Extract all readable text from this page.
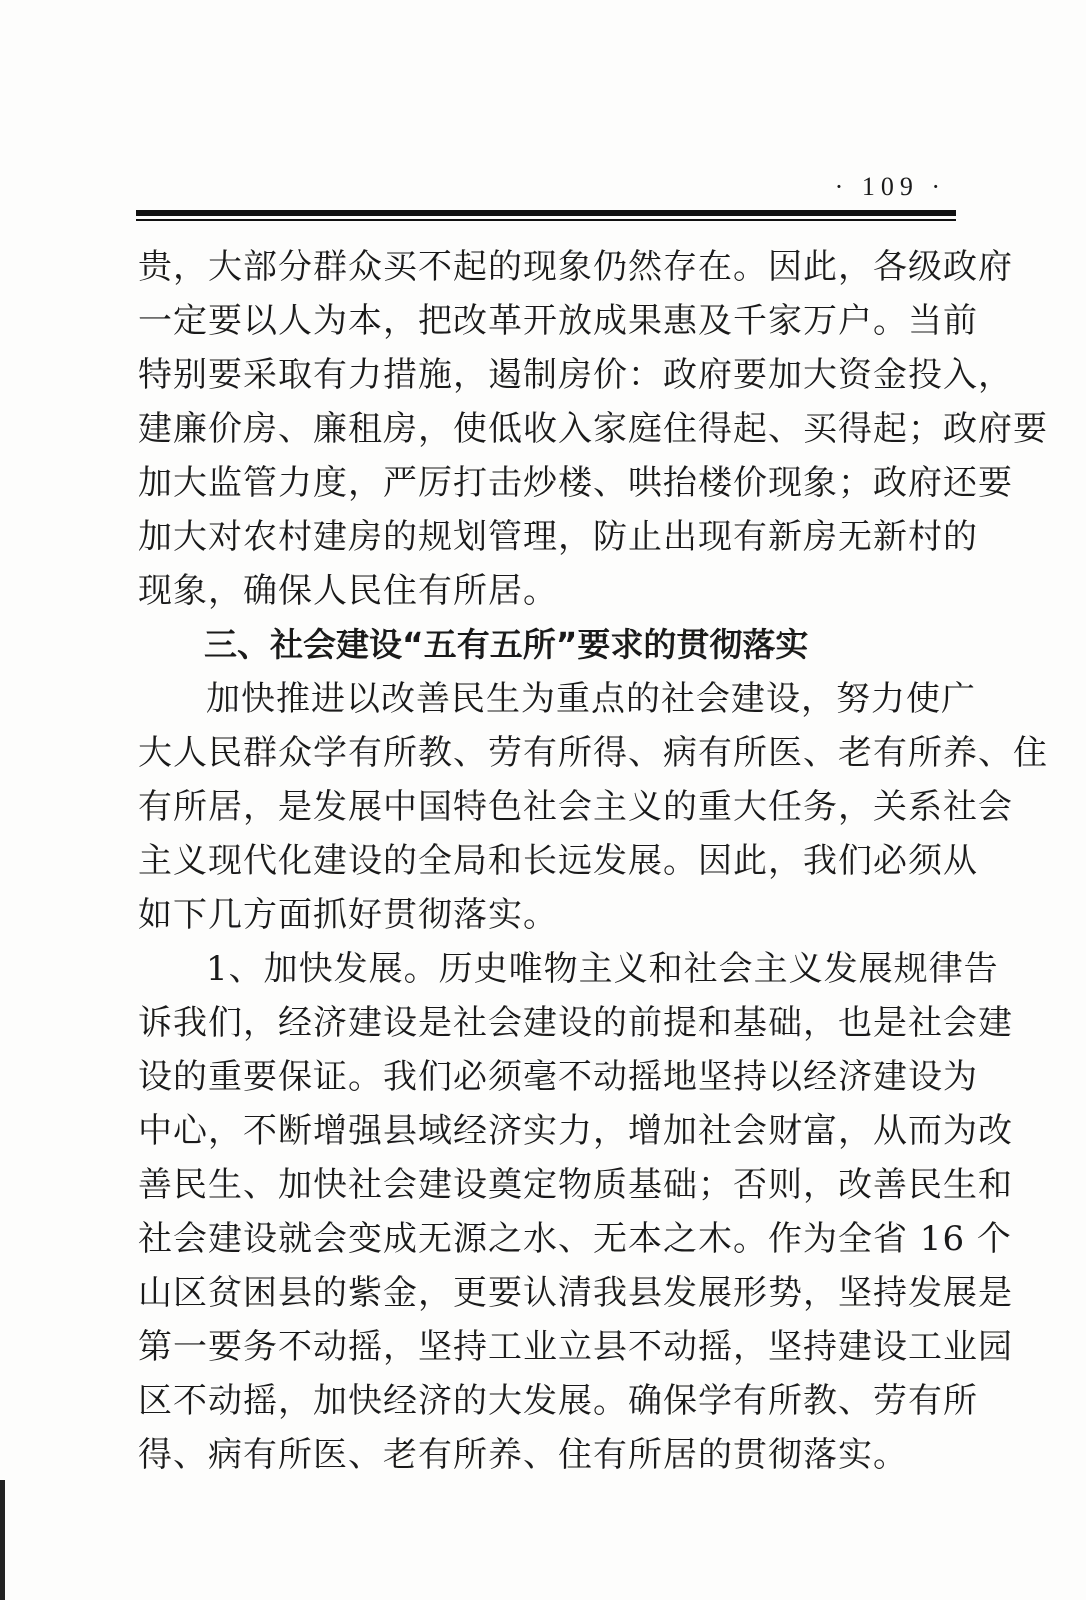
· 109 ·
贵，大部分群众买不起的现象仍然存在。因此，各级政府
一定要以人为本，把改革开放成果惠及千家万户。当前
特别要采取有力措施，遏制房价：政府要加大资金投入，
建廉价房、廉租房，使低收入家庭住得起、买得起；政府要
加大监管力度，严厉打击炒楼、哄抬楼价现象；政府还要
加大对农村建房的规划管理，防止出现有新房无新村的
现象，确保人民住有所居。
三、社会建设“五有五所”要求的贯彻落实
加快推进以改善民生为重点的社会建设，努力使广
大人民群众学有所教、劳有所得、病有所医、老有所养、住
有所居，是发展中国特色社会主义的重大任务，关系社会
主义现代化建设的全局和长远发展。因此，我们必须从
如下几方面抓好贯彻落实。
1、加快发展。历史唯物主义和社会主义发展规律告
诉我们，经济建设是社会建设的前提和基础，也是社会建
设的重要保证。我们必须毫不动摇地坚持以经济建设为
中心，不断增强县域经济实力，增加社会财富，从而为改
善民生、加快社会建设奠定物质基础；否则，改善民生和
社会建设就会变成无源之水、无本之木。作为全省 16 个
山区贫困县的紫金，更要认清我县发展形势，坚持发展是
第一要务不动摇，坚持工业立县不动摇，坚持建设工业园
区不动摇，加快经济的大发展。确保学有所教、劳有所
得、病有所医、老有所养、住有所居的贯彻落实。
